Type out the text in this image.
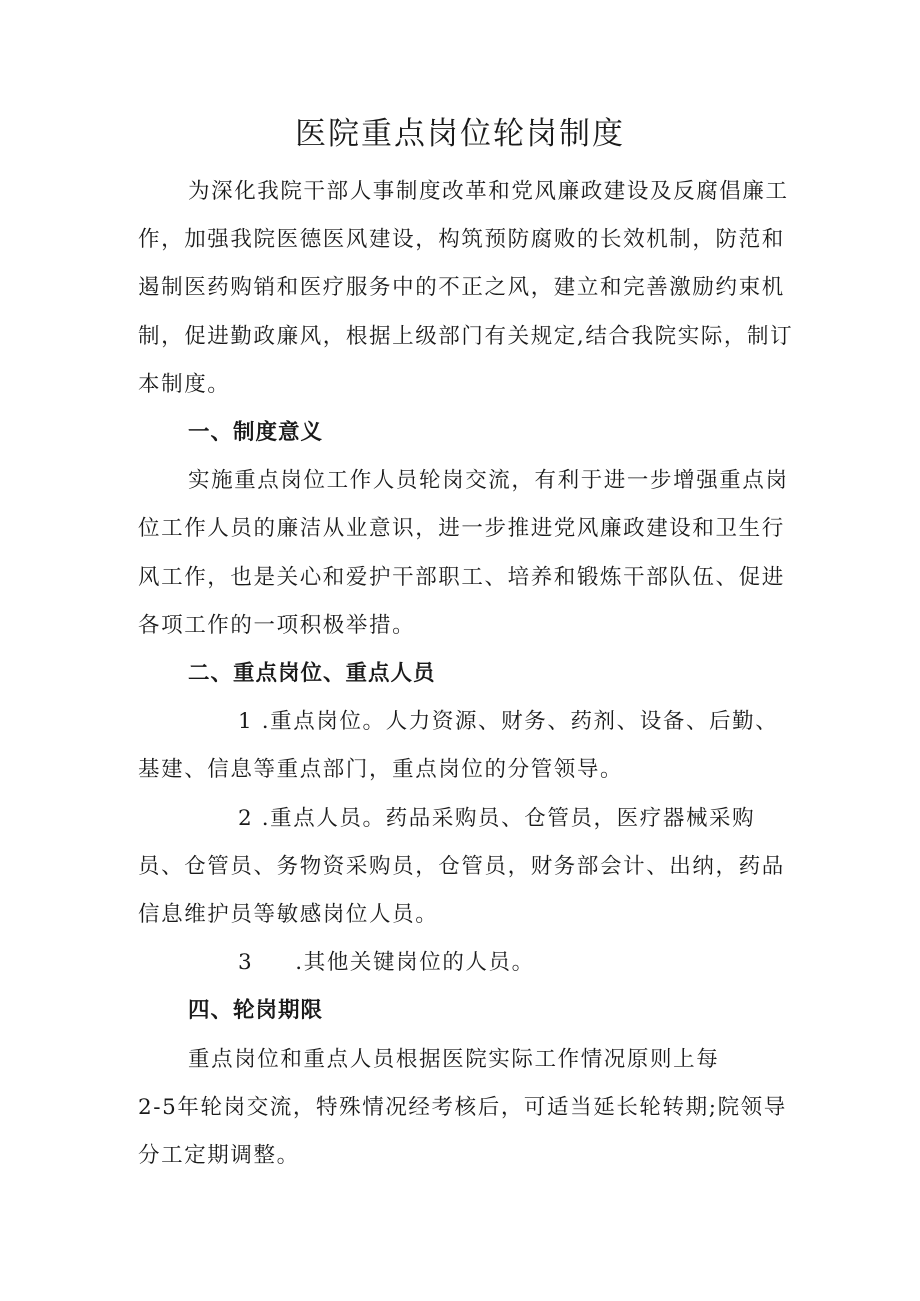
医院重点岗位轮岗制度

为深化我院干部人事制度改革和党风廉政建设及反腐倡廉工作，加强我院医德医风建设，构筑预防腐败的长效机制，防范和遏制医药购销和医疗服务中的不正之风，建立和完善激励约束机制，促进勤政廉风，根据上级部门有关规定,结合我院实际，制订本制度。

一、制度意义

实施重点岗位工作人员轮岗交流，有利于进一步增强重点岗位工作人员的廉洁从业意识，进一步推进党风廉政建设和卫生行风工作，也是关心和爱护干部职工、培养和锻炼干部队伍、促进各项工作的一项积极举措。

二、重点岗位、重点人员

1 .重点岗位。人力资源、财务、药剂、设备、后勤、基建、信息等重点部门，重点岗位的分管领导。

2 .重点人员。药品采购员、仓管员，医疗器械采购员、仓管员、务物资采购员，仓管员，财务部会计、出纳，药品信息维护员等敏感岗位人员。

3 .其他关键岗位的人员。

四、轮岗期限

重点岗位和重点人员根据医院实际工作情况原则上每

2-5年轮岗交流，特殊情况经考核后，可适当延长轮转期;院领导分工定期调整。
